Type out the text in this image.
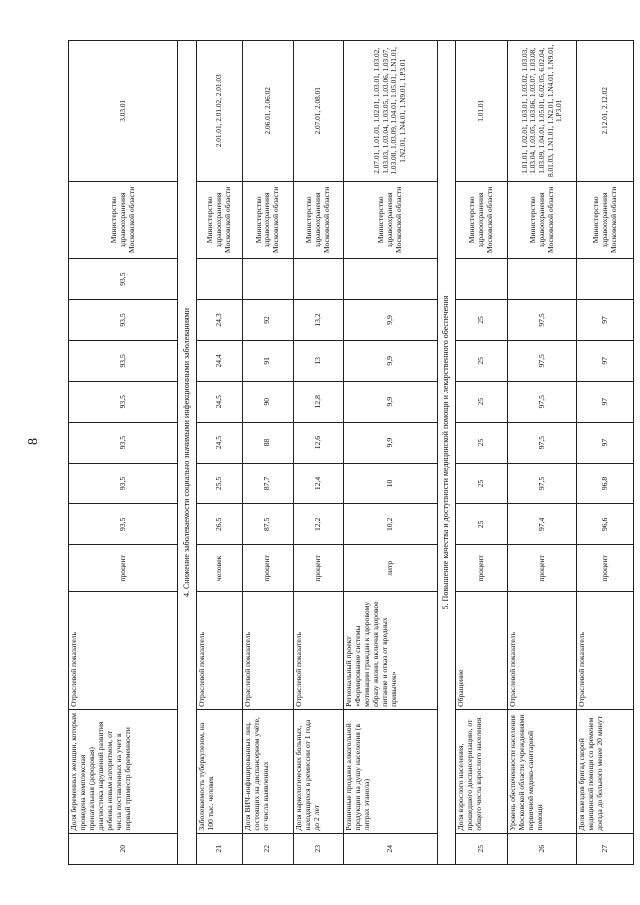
8
20	Доля беременных женщин, которым проведена комплексная пренатальная (дородовая) диагностика нарушений развития ребенка новым алгоритмом, от числа поставленных на учет в первый триместр беременности	Отраслевой показатель	процент	93,5	93,5	93,5	93,5	93,5	93,5	93,5	Министерство здравоохранения Московской области	3.03.01
4. Снижение заболеваемости социально значимыми инфекционными заболеваниями												
21	Заболеваемость туберкулезом, на 100 тыс. человек	Отраслевой показатель	человек	26,5	25,5	24,5	24,5	24,4	24,3		Министерство здравоохранения Московской области	2.01.01, 2.01.02, 2.01.03
22	Доля ВИЧ-инфицированных лиц, состоящих на диспансерном учёте, от числа выявленных	Отраслевой показатель	процент	87,5	87,7	88	90	91	92		Министерство здравоохранения Московской области	2.06.01, 2.06.02
23	Доля наркологических больных, находящихся в ремиссии от 1 года до 2 лет	Отраслевой показатель	процент	12,2	12,4	12,6	12,8	13	13,2		Министерство здравоохранения Московской области	2.07.01, 2.08.01
24	Розничные продажи алкогольной продукции на душу населения (в литрах этанола)	Региональный проект «Формирование системы мотивации граждан к здоровому образу жизни, включая здоровое питание и отказ от вредных привычек»	литр	10,2	10	9,9	9,9	9,9	9,9		Министерство здравоохранения Московской области	2.07.01, 1.01.01, 1.02.01, 1.03.01, 1.03.02, 1.03.03, 1.03.04, 1.03.05, 1.03.06, 1.03.07, 1.03.08, 1.03.09, 1.04.01, 1.05.01, 1.N1.01, 1.N2.01, 1.N4.01, 1.N9.01, 1.P3.01
5. Повышение качества и доступности медицинской помощи и лекарственного обеспечения												
25	Доля взрослого населения, прошедшего диспансеризацию, от общего числа взрослого населения	Обращение	процент	25	25	25	25	25	25		Министерство здравоохранения Московской области	1.01.01
26	Уровень обеспеченности населения Московской области учреждениями первичной медико-санитарной помощи	Отраслевой показатель	процент	97,4	97,5	97,5	97,5	97,5	97,5		Министерство здравоохранения Московской области	1.01.01, 1.02.01, 1.03.01, 1.03.02, 1.03.03, 1.03.04, 1.03.05, 1.03.06, 1.03.07, 1.03.08, 1.03.09, 1.04.01, 1.05.01, 6.02.05, 6.02.04, 8.01.03, 1.N1.01, 1.N2.01, 1.N4.01, 1.N9.01, 1.P3.01
27	Доля выездов бригад скорой медицинской помощи со временем доезда до больного менее 20 минут	Отраслевой показатель	процент	96,6	96,8	97	97	97	97		Министерство здравоохранения Московской области	2.12.01, 2.12.02
